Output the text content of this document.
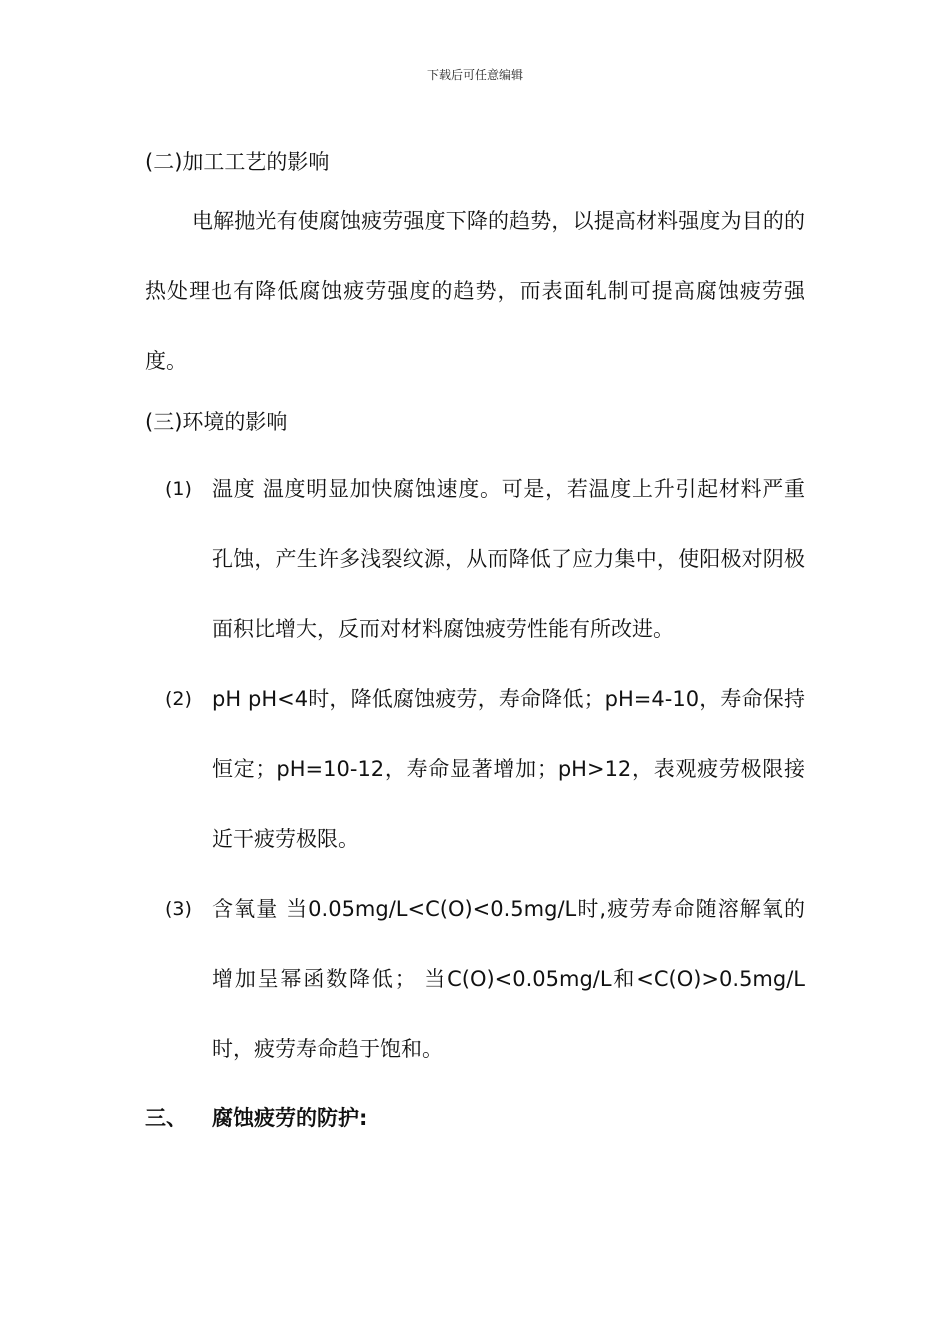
下载后可任意编辑

(二)加工工艺的影响

电解抛光有使腐蚀疲劳强度下降的趋势，以提高材料强度为目的的热处理也有降低腐蚀疲劳强度的趋势，而表面轧制可提高腐蚀疲劳强度。

(三)环境的影响

(1) 温度 温度明显加快腐蚀速度。可是，若温度上升引起材料严重孔蚀，产生许多浅裂纹源，从而降低了应力集中，使阳极对阴极面积比增大，反而对材料腐蚀疲劳性能有所改进。
(2) pH pH<4时，降低腐蚀疲劳，寿命降低；pH=4-10，寿命保持恒定；pH=10-12，寿命显著增加；pH>12，表观疲劳极限接近干疲劳极限。
(3) 含氧量 当0.05mg/L<C(O)<0.5mg/L时,疲劳寿命随溶解氧的增加呈幂函数降低； 当C(O)<0.05mg/L和<C(O)>0.5mg/L时，疲劳寿命趋于饱和。
三、	腐蚀疲劳的防护:
